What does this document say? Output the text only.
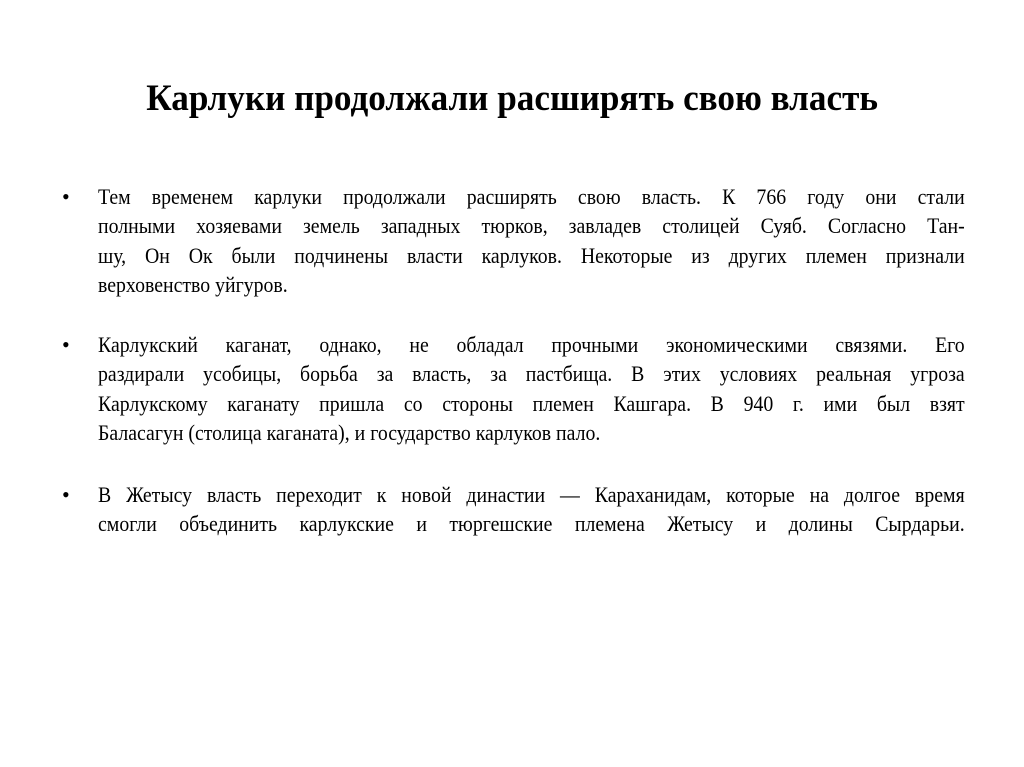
Карлуки продолжали расширять свою власть
• Тем временем карлуки продолжали расширять свою власть. К 766 году они стали
полными хозяевами земель западных тюрков, завладев столицей Суяб. Согласно Тан-
шу, Он Ок были подчинены власти карлуков. Некоторые из других племен признали
верховенство уйгуров.
• Карлукский каганат, однако, не обладал прочными экономическими связями. Его
раздирали усобицы, борьба за власть, за пастбища. В этих условиях реальная угроза
Карлукскому каганату пришла со стороны племен Кашгара. В 940 г. ими был взят
Баласагун (столица каганата), и государство карлуков пало.
• В Жетысу власть переходит к новой династии — Караханидам, которые на долгое время
смогли объединить карлукские и тюргешские племена Жетысу и долины Сырдарьи.
